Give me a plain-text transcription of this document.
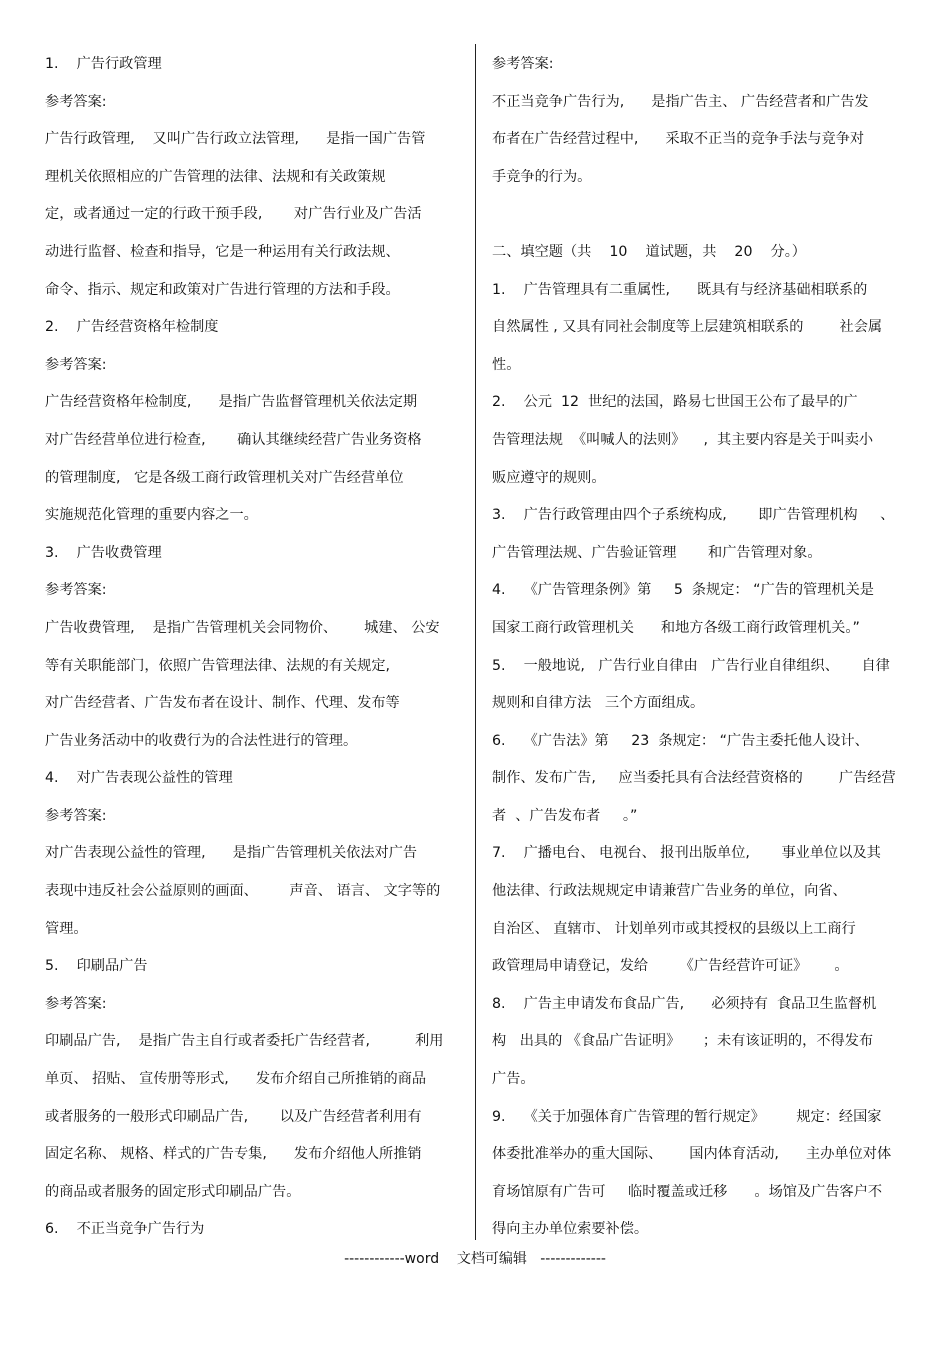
1.    广告行政管理
参考答案:
广告行政管理,    又叫广告行政立法管理,      是指一国广告管
理机关依照相应的广告管理的法律、法规和有关政策规
定，或者通过一定的行政干预手段,       对广告行业及广告活
动进行监督、检查和指导，它是一种运用有关行政法规、
命令、指示、规定和政策对广告进行管理的方法和手段。
2.    广告经营资格年检制度
参考答案:
广告经营资格年检制度,      是指广告监督管理机关依法定期
对广告经营单位进行检查,       确认其继续经营广告业务资格
的管理制度,   它是各级工商行政管理机关对广告经营单位
实施规范化管理的重要内容之一。
3.    广告收费管理
参考答案:
广告收费管理,    是指广告管理机关会同物价、      城建、 公安
等有关职能部门，依照广告管理法律、法规的有关规定,
对广告经营者、广告发布者在设计、制作、代理、发布等
广告业务活动中的收费行为的合法性进行的管理。
4.    对广告表现公益性的管理
参考答案:
对广告表现公益性的管理,      是指广告管理机关依法对广告
表现中违反社会公益原则的画面、       声音、 语言、 文字等的
管理。
5.    印刷品广告
参考答案:
印刷品广告,    是指广告主自行或者委托广告经营者,          利用
单页、 招贴、 宣传册等形式,      发布介绍自己所推销的商品
或者服务的一般形式印刷品广告,       以及广告经营者利用有
固定名称、 规格、样式的广告专集,      发布介绍他人所推销
的商品或者服务的固定形式印刷品广告。
6.    不正当竞争广告行为
参考答案:
不正当竞争广告行为,      是指广告主、 广告经营者和广告发
布者在广告经营过程中,      采取不正当的竞争手法与竞争对
手竞争的行为。
二、填空题（共    10    道试题，共    20    分。）
1.    广告管理具有二重属性,      既具有与经济基础相联系的
自然属性 , 又具有同社会制度等上层建筑相联系的        社会属
性。
2.    公元  12  世纪的法国，路易七世国王公布了最早的广
告管理法规  《叫喊人的法则》    ,  其主要内容是关于叫卖小
贩应遵守的规则。
3.    广告行政管理由四个子系统构成,       即广告管理机构     、
广告管理法规、广告验证管理       和广告管理对象。
4.    《广告管理条例》第     5  条规定： “广告的管理机关是
国家工商行政管理机关      和地方各级工商行政管理机关。”
5.    一般地说,   广告行业自律由   广告行业自律组织、     自律
规则和自律方法   三个方面组成。
6.    《广告法》第     23  条规定： “广告主委托他人设计、
制作、发布广告,     应当委托具有合法经营资格的        广告经营
者  、广告发布者     。”
7.    广播电台、 电视台、 报刊出版单位,       事业单位以及其
他法律、行政法规规定申请兼营广告业务的单位，向省、
自治区、 直辖市、 计划单列市或其授权的县级以上工商行
政管理局申请登记，发给       《广告经营许可证》      。
8.    广告主申请发布食品广告,      必须持有  食品卫生监督机
构   出具的 《食品广告证明》     ；未有该证明的，不得发布
广告。
9.    《关于加强体育广告管理的暂行规定》       规定：经国家
体委批准举办的重大国际、      国内体育活动,      主办单位对体
育场馆原有广告可     临时覆盖或迁移      。场馆及广告客户不
得向主办单位索要补偿。
------------word    文档可编辑   -------------
